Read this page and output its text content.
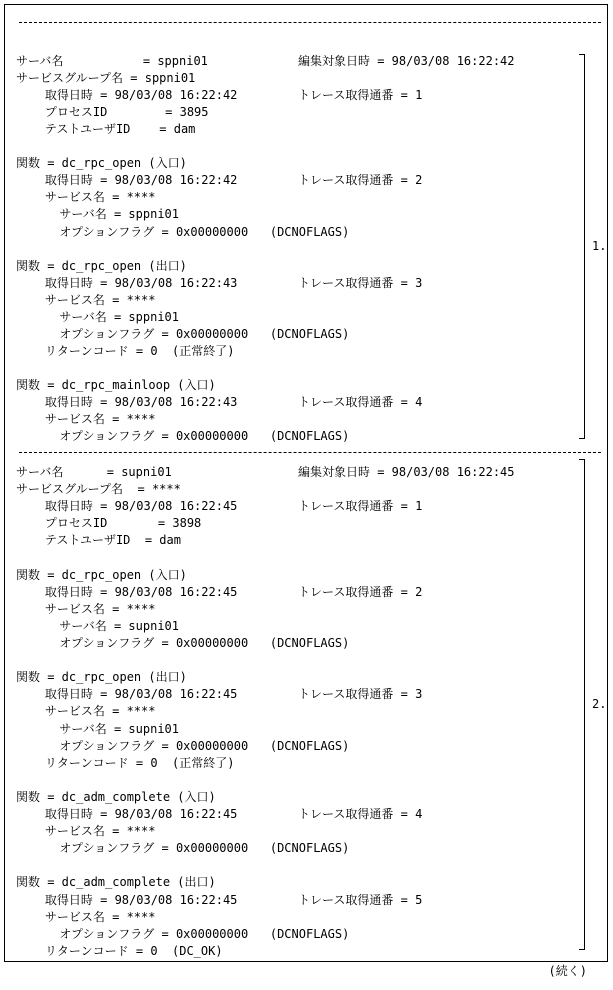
サーバ名           = sppni01	編集対象日時 = 98/03/08 16:22:42
サービスグループ名 = sppni01
取得日時 = 98/03/08 16:22:42	トレース取得通番 = 1
プロセスID        = 3895
テストユーザID    = dam
関数 = dc_rpc_open (入口)
取得日時 = 98/03/08 16:22:42	トレース取得通番 = 2
サービス名 = ****
サーバ名 = sppni01
オプションフラグ = 0x00000000   (DCNOFLAGS)
関数 = dc_rpc_open (出口)
取得日時 = 98/03/08 16:22:43	トレース取得通番 = 3
サービス名 = ****
サーバ名 = sppni01
オプションフラグ = 0x00000000   (DCNOFLAGS)
リターンコード = 0  (正常終了)
関数 = dc_rpc_mainloop (入口)
取得日時 = 98/03/08 16:22:43	トレース取得通番 = 4
サービス名 = ****
オプションフラグ = 0x00000000   (DCNOFLAGS)
1.
サーバ名      = supni01	編集対象日時 = 98/03/08 16:22:45
サービスグループ名  = ****
取得日時 = 98/03/08 16:22:45	トレース取得通番 = 1
プロセスID       = 3898
テストユーザID  = dam
関数 = dc_rpc_open (入口)
取得日時 = 98/03/08 16:22:45	トレース取得通番 = 2
サービス名 = ****
サーバ名 = supni01
オプションフラグ = 0x00000000   (DCNOFLAGS)
関数 = dc_rpc_open (出口)
取得日時 = 98/03/08 16:22:45	トレース取得通番 = 3
サービス名 = ****
サーバ名 = supni01
オプションフラグ = 0x00000000   (DCNOFLAGS)
リターンコード = 0  (正常終了)
関数 = dc_adm_complete (入口)
取得日時 = 98/03/08 16:22:45	トレース取得通番 = 4
サービス名 = ****
オプションフラグ = 0x00000000   (DCNOFLAGS)
関数 = dc_adm_complete (出口)
取得日時 = 98/03/08 16:22:45	トレース取得通番 = 5
サービス名 = ****
オプションフラグ = 0x00000000   (DCNOFLAGS)
リターンコード = 0  (DC_OK)
2.
(続く)
